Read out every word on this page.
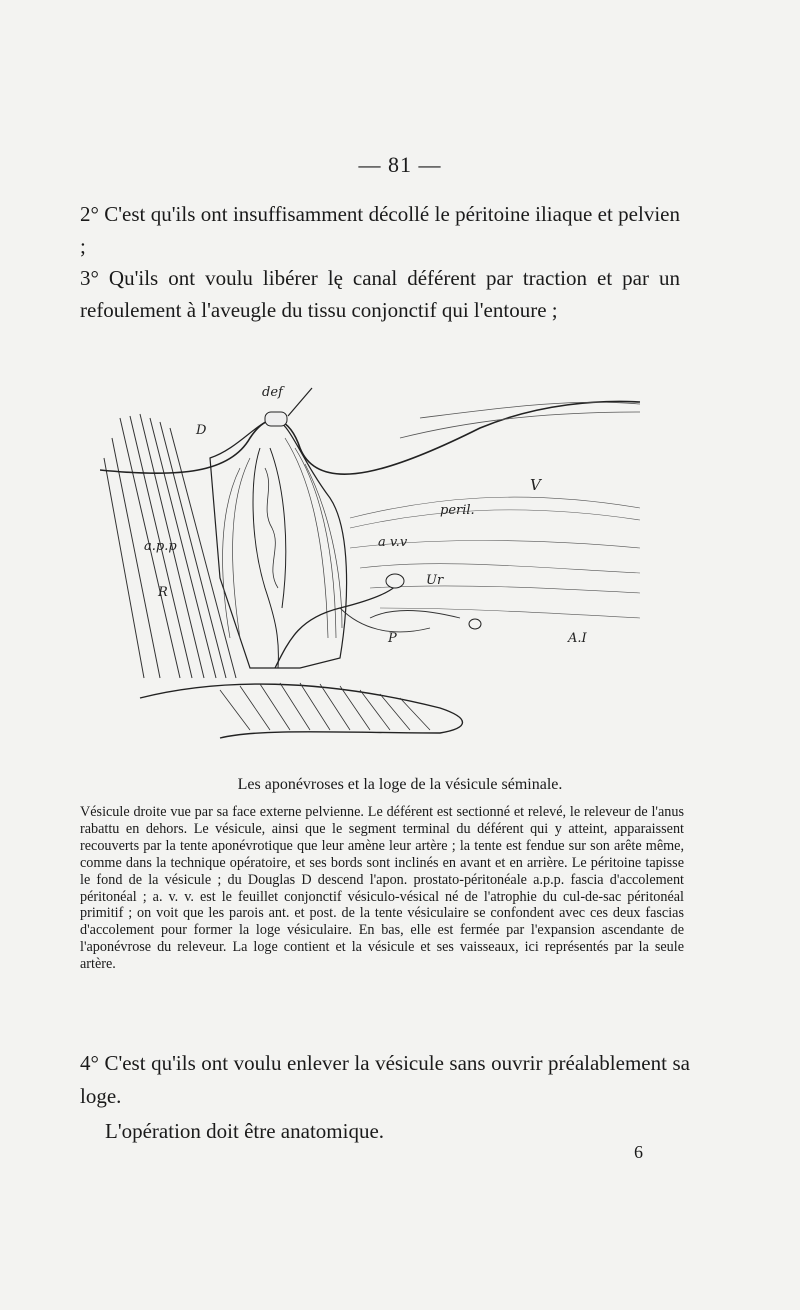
— 81 —
2° C'est qu'ils ont insuffisamment décollé le péritoine iliaque et pelvien ;
3° Qu'ils ont voulu libérer lę canal déférent par traction et par un refoulement à l'aveugle du tissu conjonctif qui l'entoure ;
def
D
V
peril.
a.p.p	a v.v
R
Ur
P	A.I
Les aponévroses et la loge de la vésicule séminale.
Vésicule droite vue par sa face externe pelvienne. Le déférent est sectionné et relevé, le releveur de l'anus rabattu en dehors. Le vésicule, ainsi que le segment terminal du déférent qui y atteint, apparaissent recouverts par la tente aponévrotique que leur amène leur artère ; la tente est fendue sur son arête même, comme dans la technique opératoire, et ses bords sont inclinés en avant et en arrière. Le péritoine tapisse le fond de la vésicule ; du Douglas D descend l'apon. prostato-péritonéale a.p.p. fascia d'accolement péritonéal ; a. v. v. est le feuillet conjonctif vésiculo-vésical né de l'atrophie du cul-de-sac péritonéal primitif ; on voit que les parois ant. et post. de la tente vésiculaire se confondent avec ces deux fascias d'accolement pour former la loge vésiculaire. En bas, elle est fermée par l'expansion ascendante de l'aponévrose du releveur. La loge contient et la vésicule et ses vaisseaux, ici représentés par la seule artère.
4° C'est qu'ils ont voulu enlever la vésicule sans ouvrir préalablement sa loge.
L'opération doit être anatomique.
6
